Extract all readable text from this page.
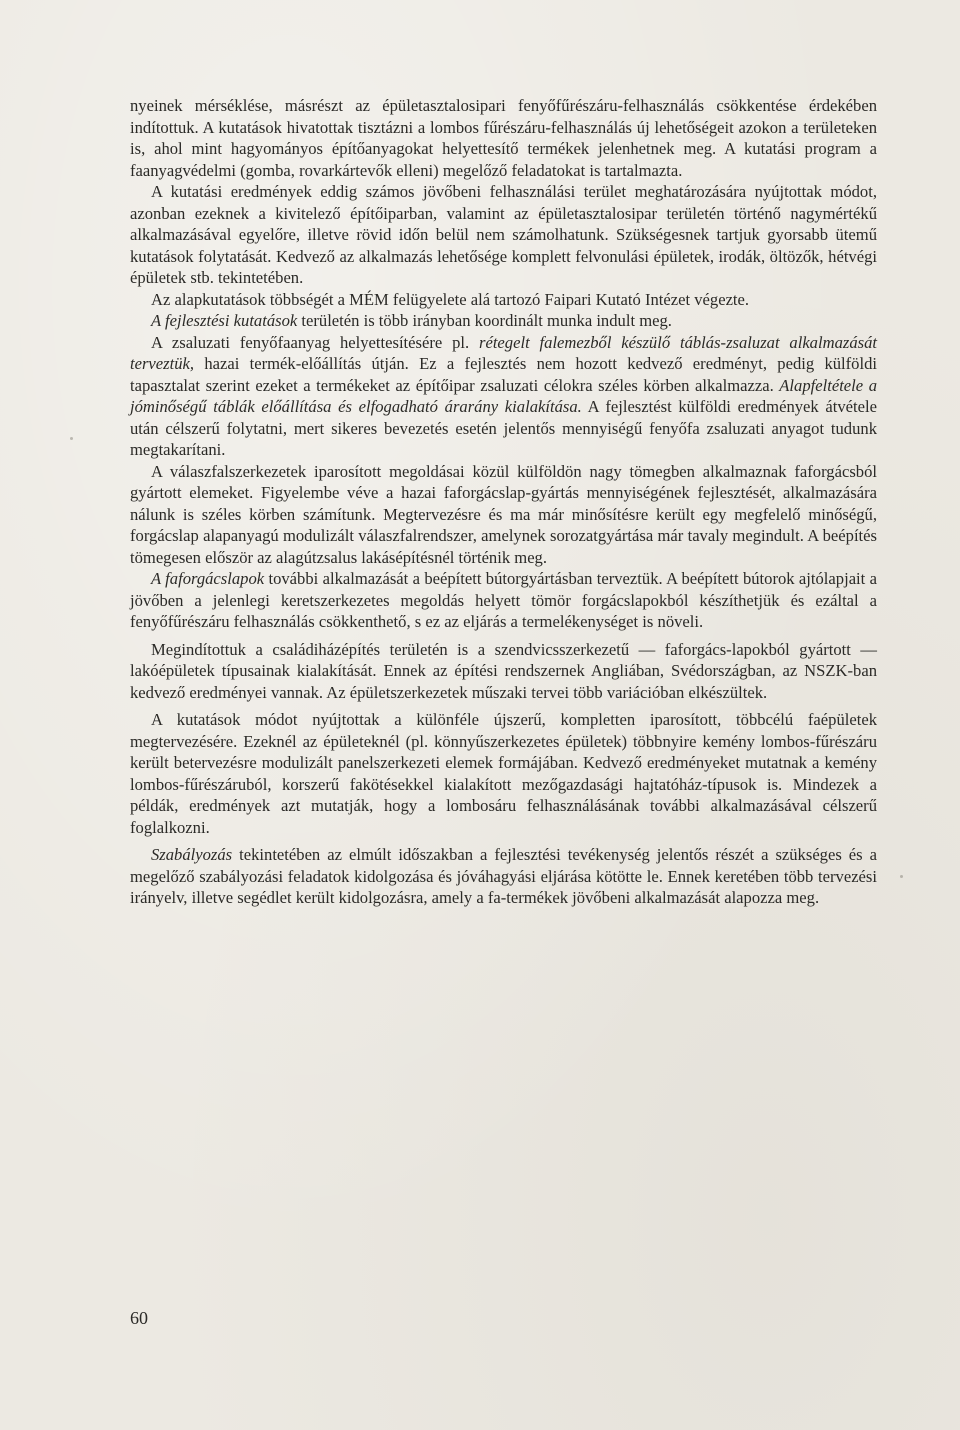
nyeinek mérséklése, másrészt az épületasztalosipari fenyőfűrészáru-felhasználás csökkentése érdekében indítottuk. A kutatások hivatottak tisztázni a lombos fűrészáru-felhasználás új lehetőségeit azokon a területeken is, ahol mint hagyományos építőanyagokat helyettesítő termékek jelenhetnek meg. A kutatási program a faanyagvédelmi (gomba, rovarkártevők elleni) megelőző feladatokat is tartalmazta.

A kutatási eredmények eddig számos jövőbeni felhasználási terület meghatározására nyújtottak módot, azonban ezeknek a kivitelező építőiparban, valamint az épületasztalosipar területén történő nagymértékű alkalmazásával egyelőre, illetve rövid időn belül nem számolhatunk. Szükségesnek tartjuk gyorsabb ütemű kutatások folytatását. Kedvező az alkalmazás lehetősége komplett felvonulási épületek, irodák, öltözők, hétvégi épületek stb. tekintetében.

Az alapkutatások többségét a MÉM felügyelete alá tartozó Faipari Kutató Intézet végezte.

A fejlesztési kutatások területén is több irányban koordinált munka indult meg.

A zsaluzati fenyőfaanyag helyettesítésére pl. rétegelt falemezből készülő táblás-zsaluzat alkalmazását terveztük, hazai termék-előállítás útján. Ez a fejlesztés nem hozott kedvező eredményt, pedig külföldi tapasztalat szerint ezeket a termékeket az építőipar zsaluzati célokra széles körben alkalmazza. Alapfeltétele a jóminőségű táblák előállítása és elfogadható árarány kialakítása. A fejlesztést külföldi eredmények átvétele után célszerű folytatni, mert sikeres bevezetés esetén jelentős mennyiségű fenyőfa zsaluzati anyagot tudunk megtakarítani.

A válaszfalszerkezetek iparosított megoldásai közül külföldön nagy tömegben alkalmaznak faforgácsból gyártott elemeket. Figyelembe véve a hazai faforgácslap-gyártás mennyiségének fejlesztését, alkalmazására nálunk is széles körben számítunk. Megtervezésre és ma már minősítésre került egy megfelelő minőségű, forgácslap alapanyagú modulizált válaszfalrendszer, amelynek sorozatgyártása már tavaly megindult. A beépítés tömegesen először az alagútzsalus lakásépítésnél történik meg.

A faforgácslapok további alkalmazását a beépített bútorgyártásban terveztük. A beépített bútorok ajtólapjait a jövőben a jelenlegi keretszerkezetes megoldás helyett tömör forgácslapokból készíthetjük és ezáltal a fenyőfűrészáru felhasználás csökkenthető, s ez az eljárás a termelékenységet is növeli.

Megindítottuk a családiházépítés területén is a szendvicsszerkezetű — faforgács-lapokból gyártott — lakóépületek típusainak kialakítását. Ennek az építési rendszernek Angliában, Svédországban, az NSZK-ban kedvező eredményei vannak. Az épületszerkezetek műszaki tervei több variációban elkészültek.

A kutatások módot nyújtottak a különféle újszerű, kompletten iparosított, többcélú faépületek megtervezésére. Ezeknél az épületeknél (pl. könnyűszerkezetes épületek) többnyire kemény lombos-fűrészáru került betervezésre modulizált panelszerkezeti elemek formájában. Kedvező eredményeket mutatnak a kemény lombos-fűrészáruból, korszerű fakötésekkel kialakított mezőgazdasági hajtatóház-típusok is. Mindezek a példák, eredmények azt mutatják, hogy a lombosáru felhasználásának további alkalmazásával célszerű foglalkozni.

Szabályozás tekintetében az elmúlt időszakban a fejlesztési tevékenység jelentős részét a szükséges és a megelőző szabályozási feladatok kidolgozása és jóváhagyási eljárása kötötte le. Ennek keretében több tervezési irányelv, illetve segédlet került kidolgozásra, amely a fa-termékek jövőbeni alkalmazását alapozza meg.

60
